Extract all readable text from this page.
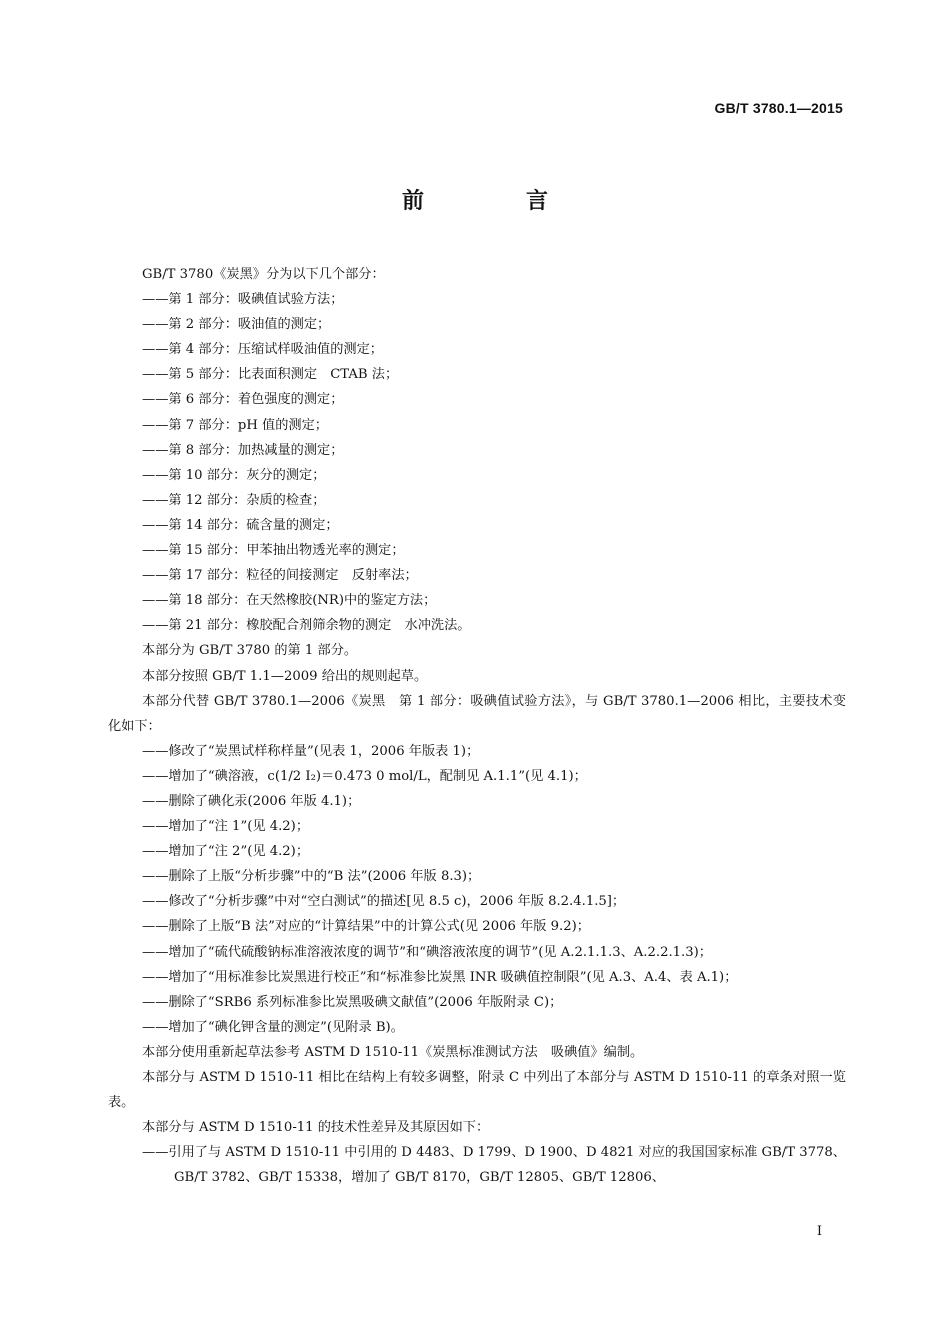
GB/T 3780.1—2015
前　言

GB/T 3780《炭黑》分为以下几个部分：

——第 1 部分：吸碘值试验方法；

——第 2 部分：吸油值的测定；

——第 4 部分：压缩试样吸油值的测定；

——第 5 部分：比表面积测定　CTAB 法；

——第 6 部分：着色强度的测定；

——第 7 部分：pH 值的测定；

——第 8 部分：加热减量的测定；

——第 10 部分：灰分的测定；

——第 12 部分：杂质的检查；

——第 14 部分：硫含量的测定；

——第 15 部分：甲苯抽出物透光率的测定；

——第 17 部分：粒径的间接测定　反射率法；

——第 18 部分：在天然橡胶(NR)中的鉴定方法；

——第 21 部分：橡胶配合剂筛余物的测定　水冲洗法。

本部分为 GB/T 3780 的第 1 部分。

本部分按照 GB/T 1.1—2009 给出的规则起草。

本部分代替 GB/T 3780.1—2006《炭黑　第 1 部分：吸碘值试验方法》，与 GB/T 3780.1—2006 相比，主要技术变化如下：

——修改了“炭黑试样称样量”(见表 1，2006 年版表 1)；

——增加了“碘溶液，c(1/2 I₂)＝0.473 0 mol/L，配制见 A.1.1”(见 4.1)；

——删除了碘化汞(2006 年版 4.1)；

——增加了“注 1”(见 4.2)；

——增加了“注 2”(见 4.2)；

——删除了上版“分析步骤”中的“B 法”(2006 年版 8.3)；

——修改了“分析步骤”中对“空白测试”的描述[见 8.5 c)，2006 年版 8.2.4.1.5]；

——删除了上版“B 法”对应的“计算结果”中的计算公式(见 2006 年版 9.2)；

——增加了“硫代硫酸钠标准溶液浓度的调节”和“碘溶液浓度的调节”(见 A.2.1.1.3、A.2.2.1.3)；

——增加了“用标准参比炭黑进行校正”和“标准参比炭黑 INR 吸碘值控制限”(见 A.3、A.4、表 A.1)；

——删除了“SRB6 系列标准参比炭黑吸碘文献值”(2006 年版附录 C)；

——增加了“碘化钾含量的测定”(见附录 B)。

本部分使用重新起草法参考 ASTM D 1510-11《炭黑标准测试方法　吸碘值》编制。

本部分与 ASTM D 1510-11 相比在结构上有较多调整，附录 C 中列出了本部分与 ASTM D 1510-11 的章条对照一览表。

本部分与 ASTM D 1510-11 的技术性差异及其原因如下：

——引用了与 ASTM D 1510-11 中引用的 D 4483、D 1799、D 1900、D 4821 对应的我国国家标准 GB/T 3778、GB/T 3782、GB/T 15338，增加了 GB/T 8170，GB/T 12805、GB/T 12806、

I
